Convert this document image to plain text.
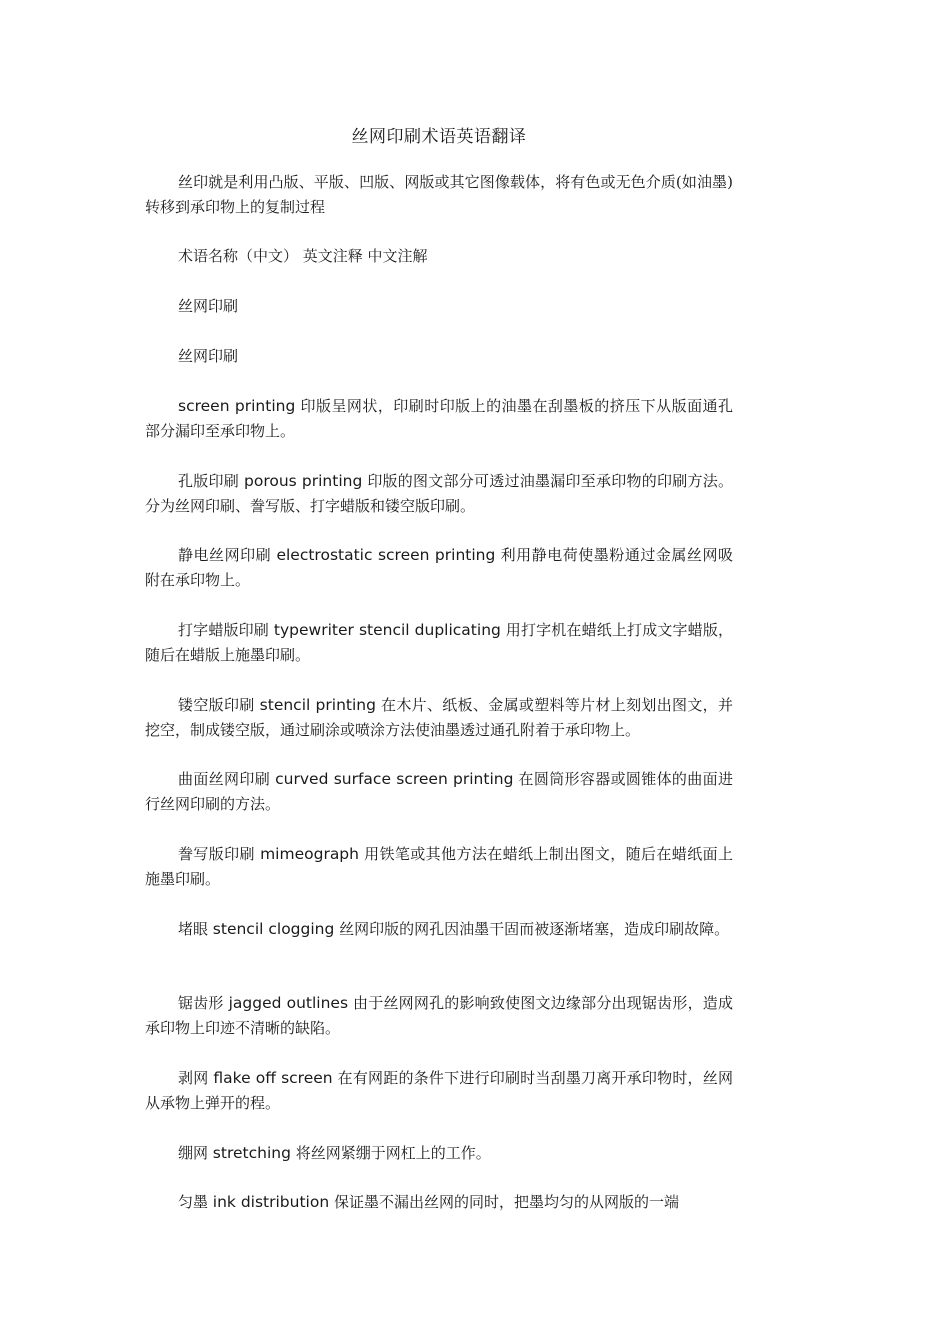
丝网印刷术语英语翻译

丝印就是利用凸版、平版、凹版、网版或其它图像载体，将有色或无色介质(如油墨)转移到承印物上的复制过程

术语名称（中文） 英文注释 中文注解

丝网印刷

丝网印刷

screen printing 印版呈网状，印刷时印版上的油墨在刮墨板的挤压下从版面通孔部分漏印至承印物上。

孔版印刷 porous printing 印版的图文部分可透过油墨漏印至承印物的印刷方法。分为丝网印刷、誊写版、打字蜡版和镂空版印刷。

静电丝网印刷 electrostatic screen printing 利用静电荷使墨粉通过金属丝网吸附在承印物上。

打字蜡版印刷 typewriter stencil duplicating 用打字机在蜡纸上打成文字蜡版，随后在蜡版上施墨印刷。

镂空版印刷 stencil printing 在木片、纸板、金属或塑料等片材上刻划出图文，并挖空，制成镂空版，通过刷涂或喷涂方法使油墨透过通孔附着于承印物上。

曲面丝网印刷 curved surface screen printing 在圆筒形容器或圆锥体的曲面进行丝网印刷的方法。

誊写版印刷 mimeograph 用铁笔或其他方法在蜡纸上制出图文，随后在蜡纸面上施墨印刷。

堵眼 stencil clogging 丝网印版的网孔因油墨干固而被逐渐堵塞，造成印刷故障。

锯齿形 jagged outlines 由于丝网网孔的影响致使图文边缘部分出现锯齿形，造成承印物上印迹不清晰的缺陷。

剥网 flake off screen 在有网距的条件下进行印刷时当刮墨刀离开承印物时，丝网从承物上弹开的程。

绷网 stretching 将丝网紧绷于网杠上的工作。

匀墨 ink distribution 保证墨不漏出丝网的同时，把墨均匀的从网版的一端
